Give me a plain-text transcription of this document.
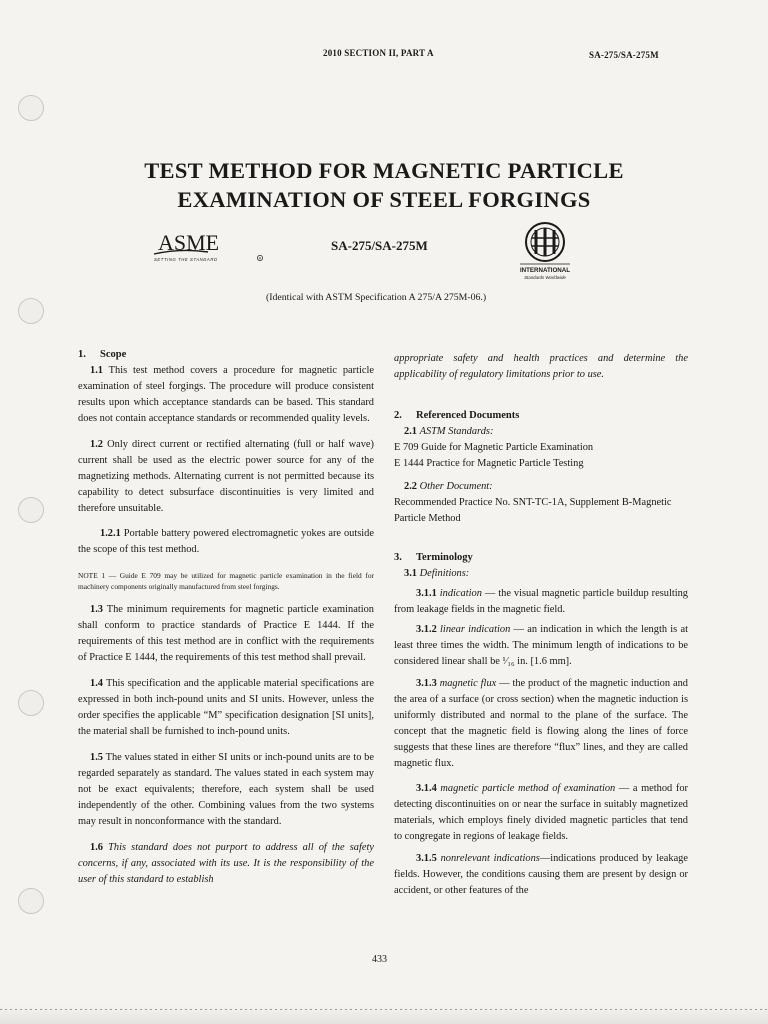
2010 SECTION II, PART A	SA-275/SA-275M
TEST METHOD FOR MAGNETIC PARTICLE
EXAMINATION OF STEEL FORGINGS
ASME
SETTING THE STANDARD	R
SA-275/SA-275M
INTERNATIONAL
Standards Worldwide
(Identical with ASTM Specification A 275/A 275M-06.)

1. Scope

1.1 This test method covers a procedure for magnetic particle examination of steel forgings. The procedure will produce consistent results upon which acceptance standards can be based. This standard does not contain acceptance standards or recommended quality levels.

1.2 Only direct current or rectified alternating (full or half wave) current shall be used as the electric power source for any of the magnetizing methods. Alternating current is not permitted because its capability to detect subsurface discontinuities is very limited and therefore unsuitable.

1.2.1 Portable battery powered electromagnetic yokes are outside the scope of this test method.

NOTE 1 — Guide E 709 may be utilized for magnetic particle examination in the field for machinery components originally manufactured from steel forgings.

1.3 The minimum requirements for magnetic particle examination shall conform to practice standards of Practice E 1444. If the requirements of this test method are in conflict with the requirements of Practice E 1444, the requirements of this test method shall prevail.

1.4 This specification and the applicable material specifications are expressed in both inch-pound units and SI units. However, unless the order specifies the applicable “M” specification designation [SI units], the material shall be furnished to inch-pound units.

1.5 The values stated in either SI units or inch-pound units are to be regarded separately as standard. The values stated in each system may not be exact equivalents; therefore, each system shall be used independently of the other. Combining values from the two systems may result in nonconformance with the standard.

1.6 This standard does not purport to address all of the safety concerns, if any, associated with its use. It is the responsibility of the user of this standard to establish

appropriate safety and health practices and determine the applicability of regulatory limitations prior to use.

2. Referenced Documents

2.1 ASTM Standards:

E 709 Guide for Magnetic Particle Examination

E 1444 Practice for Magnetic Particle Testing

2.2 Other Document:

Recommended Practice No. SNT-TC-1A, Supplement B-Magnetic Particle Method

3. Terminology

3.1 Definitions:

3.1.1 indication — the visual magnetic particle buildup resulting from leakage fields in the magnetic field.

3.1.2 linear indication — an indication in which the length is at least three times the width. The minimum length of indications to be considered linear shall be ¹⁄₁₆ in. [1.6 mm].

3.1.3 magnetic flux — the product of the magnetic induction and the area of a surface (or cross section) when the magnetic induction is uniformly distributed and normal to the plane of the surface. The concept that the magnetic field is flowing along the lines of force suggests that these lines are therefore “flux” lines, and they are called magnetic flux.

3.1.4 magnetic particle method of examination — a method for detecting discontinuities on or near the surface in suitably magnetized materials, which employs finely divided magnetic particles that tend to congregate in regions of leakage fields.

3.1.5 nonrelevant indications—indications produced by leakage fields. However, the conditions causing them are present by design or accident, or other features of the

433
